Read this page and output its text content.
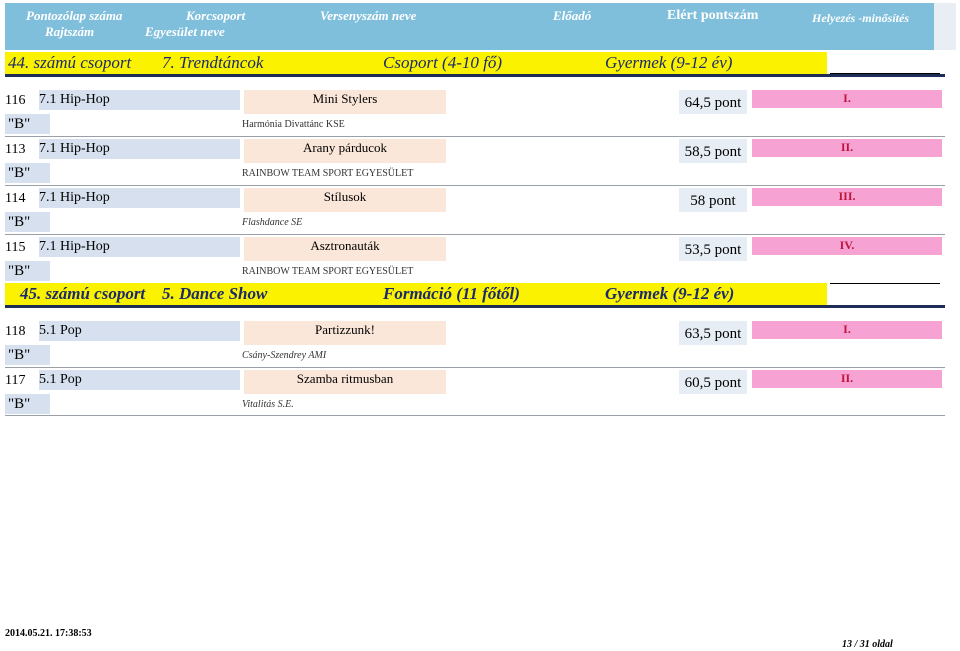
Pontozólap száma
Rajtszám
Korcsoport
Egyesület neve
Versenyszám neve	Előadó	Elért pontszám	Helyezés -minősítés
44. számú csoport 7. Trendtáncok	Csoport (4-10 fő)	Gyermek (9-12 év)
116 7.1 Hip-Hop	Mini Stylers	64,5 pont	I.
"B"	Harmónia Divattánc KSE
113 7.1 Hip-Hop	Arany párducok	58,5 pont	II.
"B"	RAINBOW TEAM SPORT EGYESÜLET
114 7.1 Hip-Hop	Stílusok	58 pont	III.
"B"	Flashdance SE
115 7.1 Hip-Hop	Asztronauták	53,5 pont	IV.
"B"	RAINBOW TEAM SPORT EGYESÜLET
45. számú csoport 5. Dance Show	Formáció (11 főtől)	Gyermek (9-12 év)
118 5.1 Pop	Partizzunk!	63,5 pont	I.
"B"	Csány-Szendrey AMI
117 5.1 Pop	Szamba ritmusban	60,5 pont	II.
"B"	Vitalitás S.E.
2014.05.21. 17:38:53
13 / 31 oldal
